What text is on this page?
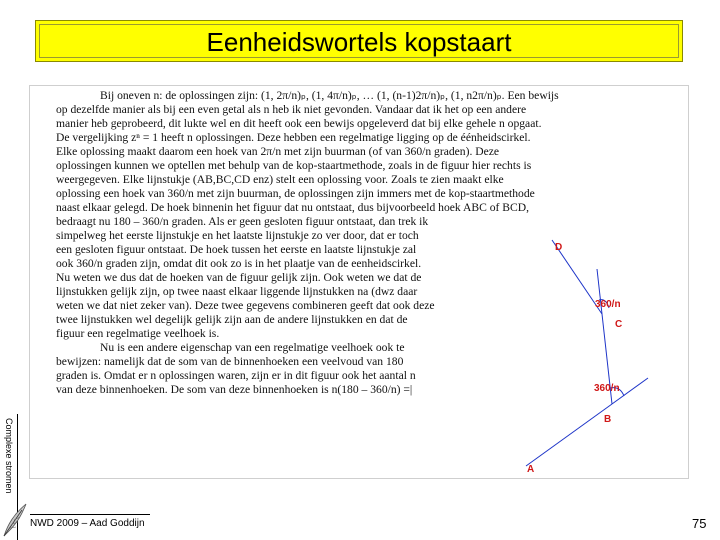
Eenheidswortels kopstaart
Bij oneven n: de oplossingen zijn: (1, 2π/n)ₚ, (1, 4π/n)ₚ, … (1, (n-1)2π/n)ₚ, (1, n2π/n)ₚ. Een bewijs
op dezelfde manier als bij een even getal als n heb ik niet gevonden. Vandaar dat ik het op een andere
manier heb geprobeerd, dit lukte wel en dit heeft ook een bewijs opgeleverd dat bij elke gehele n opgaat.
De vergelijking zⁿ = 1 heeft n oplossingen. Deze hebben een regelmatige ligging op de éénheidscirkel.
Elke oplossing maakt daarom een hoek van 2π/n met zijn buurman (of van 360/n graden). Deze
oplossingen kunnen we optellen met behulp van de kop-staartmethode, zoals in de figuur hier rechts is
weergegeven. Elke lijnstukje (AB,BC,CD enz) stelt een oplossing voor. Zoals te zien maakt elke
oplossing een hoek van 360/n met zijn buurman, de oplossingen zijn immers met de kop-staartmethode
naast elkaar gelegd. De hoek binnenin het figuur dat nu ontstaat, dus bijvoorbeeld hoek ABC of BCD,
bedraagt nu 180 – 360/n graden. Als er geen gesloten figuur ontstaat, dan trek ik
simpelweg het eerste lijnstukje en het laatste lijnstukje zo ver door, dat er toch
een gesloten figuur ontstaat. De hoek tussen het eerste en laatste lijnstukje zal
ook 360/n graden zijn, omdat dit ook zo is in het plaatje van de eenheidscirkel.
Nu weten we dus dat de hoeken van de figuur gelijk zijn. Ook weten we dat de
lijnstukken gelijk zijn, op twee naast elkaar liggende lijnstukken na (dwz daar
weten we dat niet zeker van). Deze twee gegevens combineren geeft dat ook deze
twee lijnstukken wel degelijk gelijk zijn aan de andere lijnstukken en dat de
figuur een regelmatige veelhoek is.
Nu is een andere eigenschap van een regelmatige veelhoek ook te
bewijzen: namelijk dat de som van de binnenhoeken een veelvoud van 180
graden is. Omdat er n oplossingen waren, zijn er in dit figuur ook het aantal n
van deze binnenhoeken. De som van deze binnenhoeken is n(180 – 360/n) =|
D
C
B
A
360/n
360/n
Complexe stromen
NWD 2009 – Aad Goddijn	75
